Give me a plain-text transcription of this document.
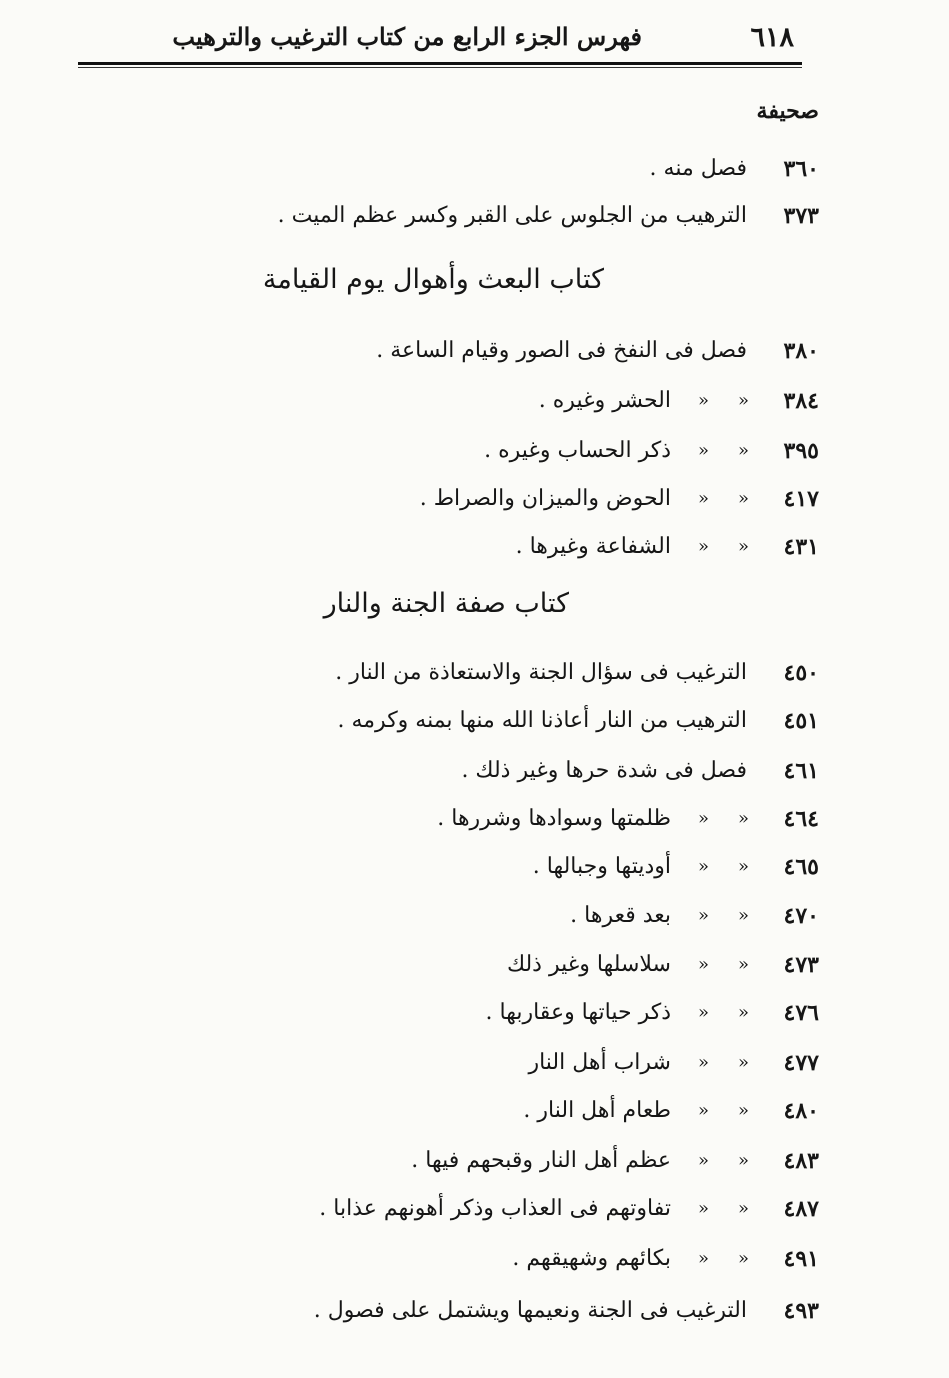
٦١٨
فهرس الجزء الرابع من كتاب الترغيب والترهيب
صحيفة
٣٦٠
فصل منه .
٣٧٣
الترهيب من الجلوس على القبر وكسر عظم الميت .
كتاب البعث وأهوال يوم القيامة
٣٨٠
فصل فى النفخ فى الصور وقيام الساعة .
٣٨٤
«
«
الحشر وغيره .
٣٩٥
«
«
ذكر الحساب وغيره .
٤١٧
«
«
الحوض والميزان والصراط .
٤٣١
«
«
الشفاعة وغيرها .
كتاب صفة الجنة والنار
٤٥٠
الترغيب فى سؤال الجنة والاستعاذة من النار .
٤٥١
الترهيب من النار أعاذنا الله منها بمنه وكرمه .
٤٦١
فصل فى شدة حرها وغير ذلك .
٤٦٤
«
«
ظلمتها وسوادها وشررها .
٤٦٥
«
«
أوديتها وجبالها .
٤٧٠
«
«
بعد قعرها .
٤٧٣
«
«
سلاسلها وغير ذلك
٤٧٦
«
«
ذكر حياتها وعقاربها .
٤٧٧
«
«
شراب أهل النار
٤٨٠
«
«
طعام أهل النار .
٤٨٣
«
«
عظم أهل النار وقبحهم فيها .
٤٨٧
«
«
تفاوتهم فى العذاب وذكر أهونهم عذابا .
٤٩١
«
«
بكائهم وشهيقهم .
٤٩٣
الترغيب فى الجنة ونعيمها ويشتمل على فصول .
